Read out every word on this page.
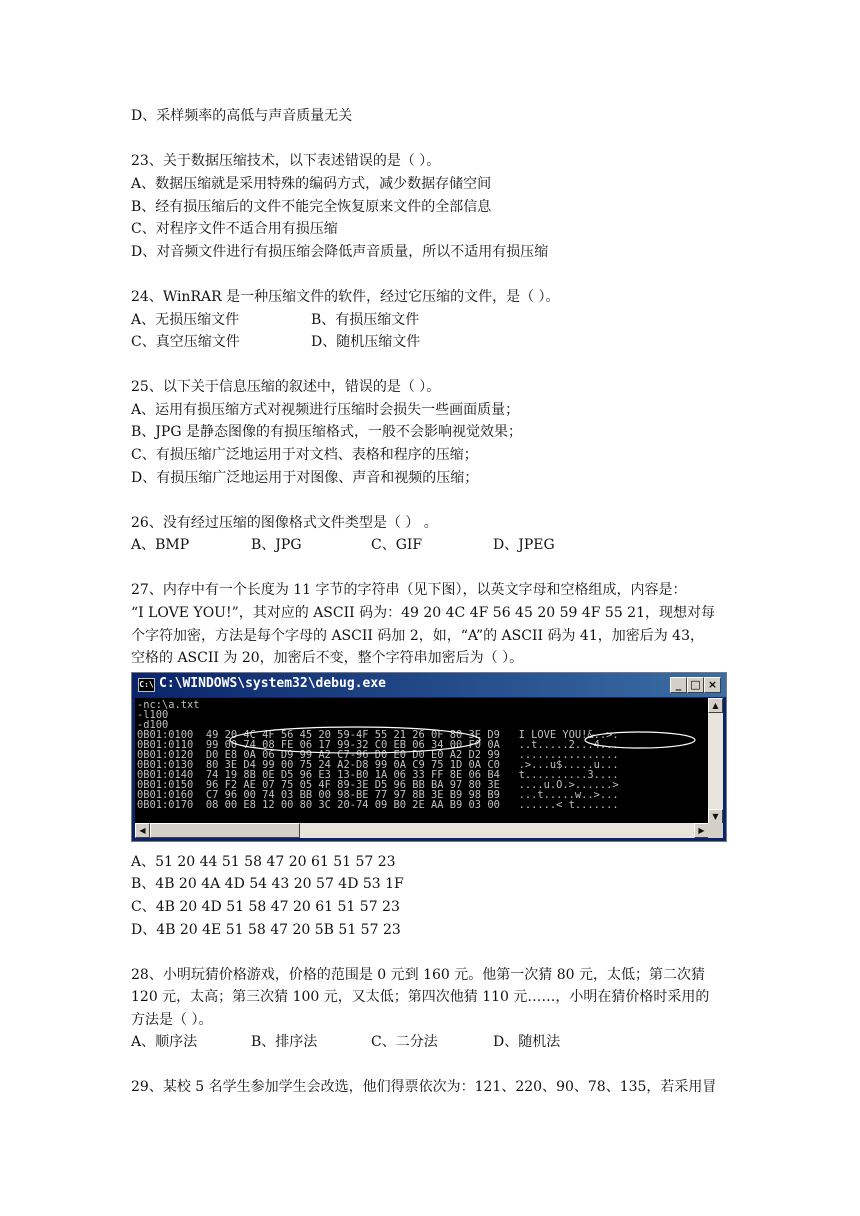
D、采样频率的高低与声音质量无关
23、关于数据压缩技术，以下表述错误的是（ ）。
A、数据压缩就是采用特殊的编码方式，减少数据存储空间
B、经有损压缩后的文件不能完全恢复原来文件的全部信息
C、对程序文件不适合用有损压缩
D、对音频文件进行有损压缩会降低声音质量，所以不适用有损压缩
24、WinRAR 是一种压缩文件的软件，经过它压缩的文件，是（ ）。
A、无损压缩文件	B、有损压缩文件
C、真空压缩文件	D、随机压缩文件
25、以下关于信息压缩的叙述中，错误的是（ ）。
A、运用有损压缩方式对视频进行压缩时会损失一些画面质量；
B、JPG 是静态图像的有损压缩格式，一般不会影响视觉效果；
C、有损压缩广泛地运用于对文档、表格和程序的压缩；
D、有损压缩广泛地运用于对图像、声音和视频的压缩；
26、没有经过压缩的图像格式文件类型是（ ） 。
A、BMP	B、JPG	C、GIF	D、JPEG
27、内存中有一个长度为 11 字节的字符串（见下图），以英文字母和空格组成，内容是：
“I LOVE YOU!”，其对应的 ASCII 码为：49 20 4C 4F 56 45 20 59 4F 55 21，现想对每
个字符加密，方法是每个字母的 ASCII 码加 2，如，“A”的 ASCII 码为 41，加密后为 43，
空格的 ASCII 为 20，加密后不变，整个字符串加密后为（ ）。
C:\ C:\WINDOWS\system32\debug.exe	_ □ ×
-nc:\a.txt
-l100
-d100
0B01:0100  49 20 4C 4F 56 45 20 59-4F 55 21 26 0F 80 3E D9   I LOVE YOU!&..>.
0B01:0110  99 00 74 08 FE 06 17 99-32 C0 EB 06 34 00 F0 0A   ..t.....2...4...
0B01:0120  D0 E8 0A 06 D9 99 A2 C7-96 D0 E0 D0 E0 A2 D2 99   ................
0B01:0130  80 3E D4 99 00 75 24 A2-D8 99 0A C9 75 1D 0A C0   .>...u$.....u...
0B01:0140  74 19 8B 0E D5 96 E3 13-B0 1A 06 33 FF 8E 06 B4   t..........3....
0B01:0150  96 F2 AE 07 75 05 4F 89-3E D5 96 BB BA 97 80 3E   ....u.O.>......>
0B01:0160  C7 96 00 74 03 BB 00 98-BE 77 97 8B 3E B9 98 B9   ...t.....w..>...
0B01:0170  08 00 E8 12 00 80 3C 20-74 09 B0 2E AA B9 03 00   ......< t.......
▲
▼
◀	▶
A、51 20 44 51 58 47 20 61 51 57 23
B、4B 20 4A 4D 54 43 20 57 4D 53 1F
C、4B 20 4D 51 58 47 20 61 51 57 23
D、4B 20 4E 51 58 47 20 5B 51 57 23
28、小明玩猜价格游戏，价格的范围是 0 元到 160 元。他第一次猜 80 元，太低；第二次猜
120 元，太高；第三次猜 100 元，又太低；第四次他猜 110 元……，小明在猜价格时采用的
方法是（ ）。
A、顺序法	B、排序法	C、二分法	D、随机法
29、某校 5 名学生参加学生会改选，他们得票依次为：121、220、90、78、135，若采用冒
